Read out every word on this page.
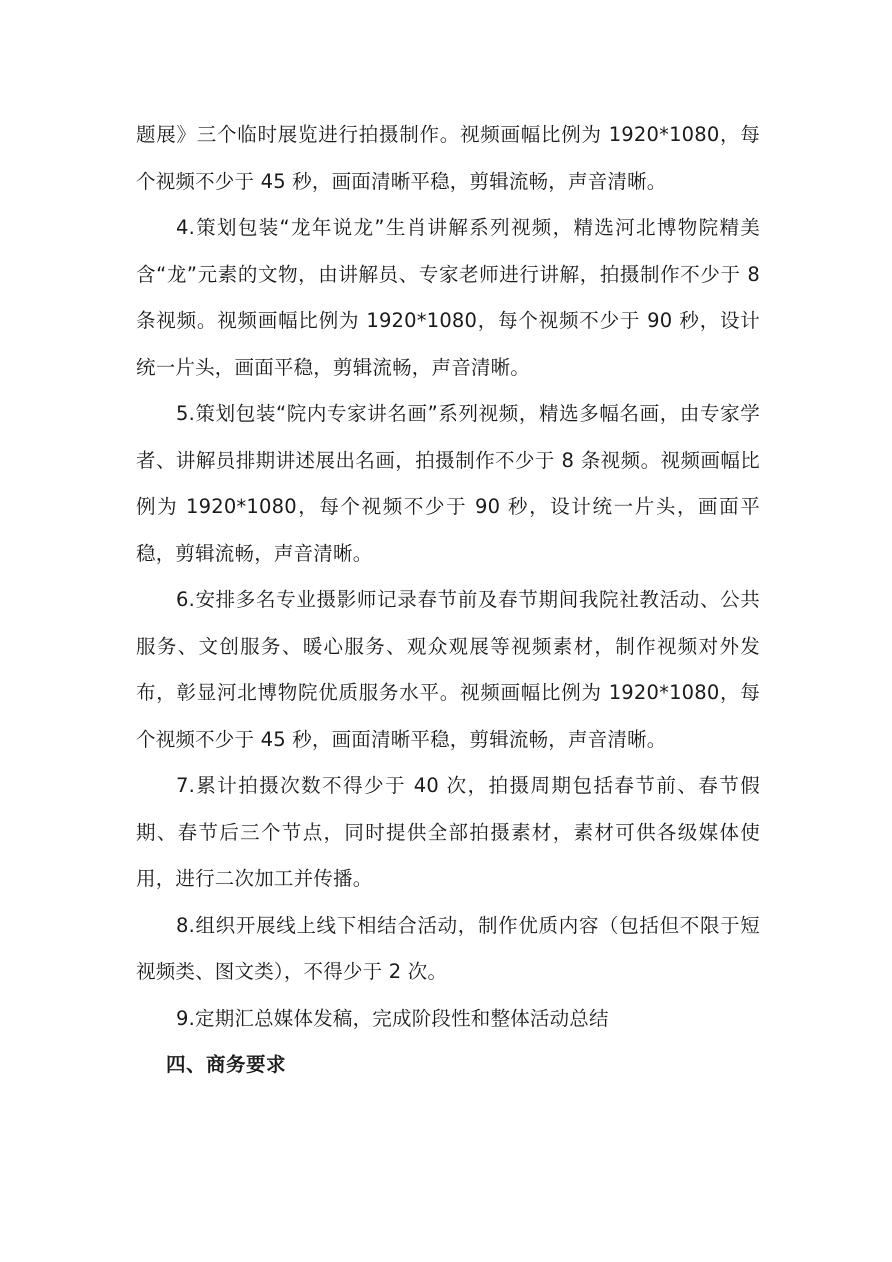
题展》三个临时展览进行拍摄制作。视频画幅比例为 1920*1080，每个视频不少于 45 秒，画面清晰平稳，剪辑流畅，声音清晰。

4.策划包装“龙年说龙”生肖讲解系列视频，精选河北博物院精美含“龙”元素的文物，由讲解员、专家老师进行讲解，拍摄制作不少于 8 条视频。视频画幅比例为 1920*1080，每个视频不少于 90 秒，设计统一片头，画面平稳，剪辑流畅，声音清晰。

5.策划包装“院内专家讲名画”系列视频，精选多幅名画，由专家学者、讲解员排期讲述展出名画，拍摄制作不少于 8 条视频。视频画幅比例为 1920*1080，每个视频不少于 90 秒，设计统一片头，画面平稳，剪辑流畅，声音清晰。

6.安排多名专业摄影师记录春节前及春节期间我院社教活动、公共服务、文创服务、暖心服务、观众观展等视频素材，制作视频对外发布，彰显河北博物院优质服务水平。视频画幅比例为 1920*1080，每个视频不少于 45 秒，画面清晰平稳，剪辑流畅，声音清晰。

7.累计拍摄次数不得少于 40 次，拍摄周期包括春节前、春节假期、春节后三个节点，同时提供全部拍摄素材，素材可供各级媒体使用，进行二次加工并传播。

8.组织开展线上线下相结合活动，制作优质内容（包括但不限于短视频类、图文类），不得少于 2 次。

9.定期汇总媒体发稿，完成阶段性和整体活动总结

四、商务要求
